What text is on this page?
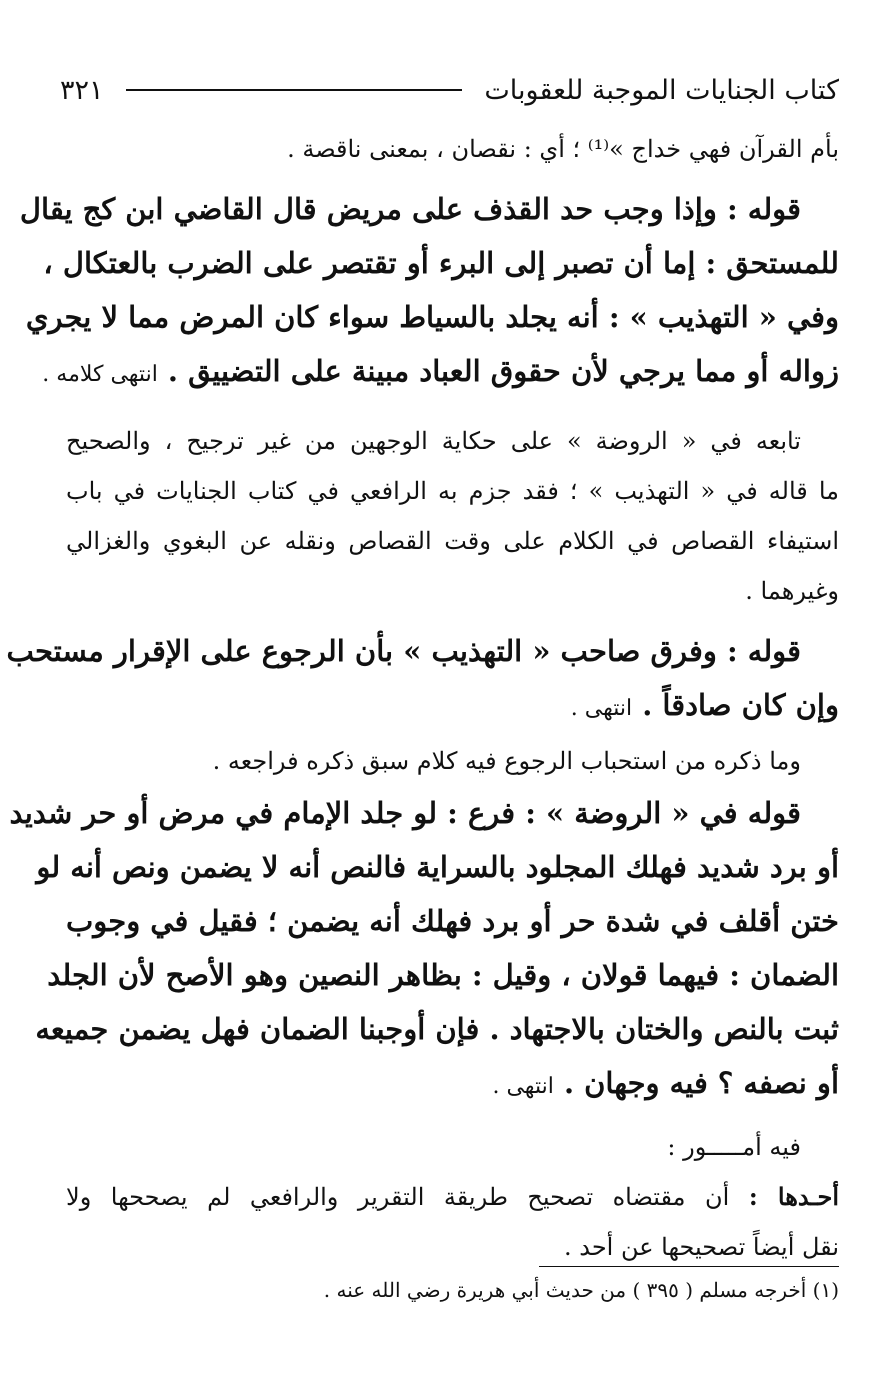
كتاب الجنايات الموجبة للعقوبات
٣٢١
بأم القرآن فهي خداج »⁽¹⁾ ؛ أي : نقصان ، بمعنى ناقصة .
قوله : وإذا وجب حد القذف على مريض قال القاضي ابن كج يقال
للمستحق : إما أن تصبر إلى البرء أو تقتصر على الضرب بالعتكال ،
وفي « التهذيب » : أنه يجلد بالسياط سواء كان المرض مما لا يجري
زواله أو مما يرجي لأن حقوق العباد مبينة على التضييق . انتهى كلامه .
تابعه في « الروضة » على حكاية الوجهين من غير ترجيح ، والصحيح
ما قاله في « التهذيب » ؛ فقد جزم به الرافعي في كتاب الجنايات في باب
استيفاء القصاص في الكلام على وقت القصاص ونقله عن البغوي والغزالي
وغيرهما .
قوله : وفرق صاحب « التهذيب » بأن الرجوع على الإقرار مستحب
وإن كان صادقاً . انتهى .
وما ذكره من استحباب الرجوع فيه كلام سبق ذكره فراجعه .
قوله في « الروضة » : فرع : لو جلد الإمام في مرض أو حر شديد
أو برد شديد فهلك المجلود بالسراية فالنص أنه لا يضمن ونص أنه لو
ختن أقلف في شدة حر أو برد فهلك أنه يضمن ؛ فقيل في وجوب
الضمان : فيهما قولان ، وقيل : بظاهر النصين وهو الأصح لأن الجلد
ثبت بالنص والختان بالاجتهاد . فإن أوجبنا الضمان فهل يضمن جميعه
أو نصفه ؟ فيه وجهان . انتهى .
فيه أمـــــور :
أحـدها : أن مقتضاه تصحيح طريقة التقرير والرافعي لم يصححها ولا
نقل أيضاً تصحيحها عن أحد .
(١) أخرجه مسلم ( ٣٩٥ ) من حديث أبي هريرة رضي الله عنه .
